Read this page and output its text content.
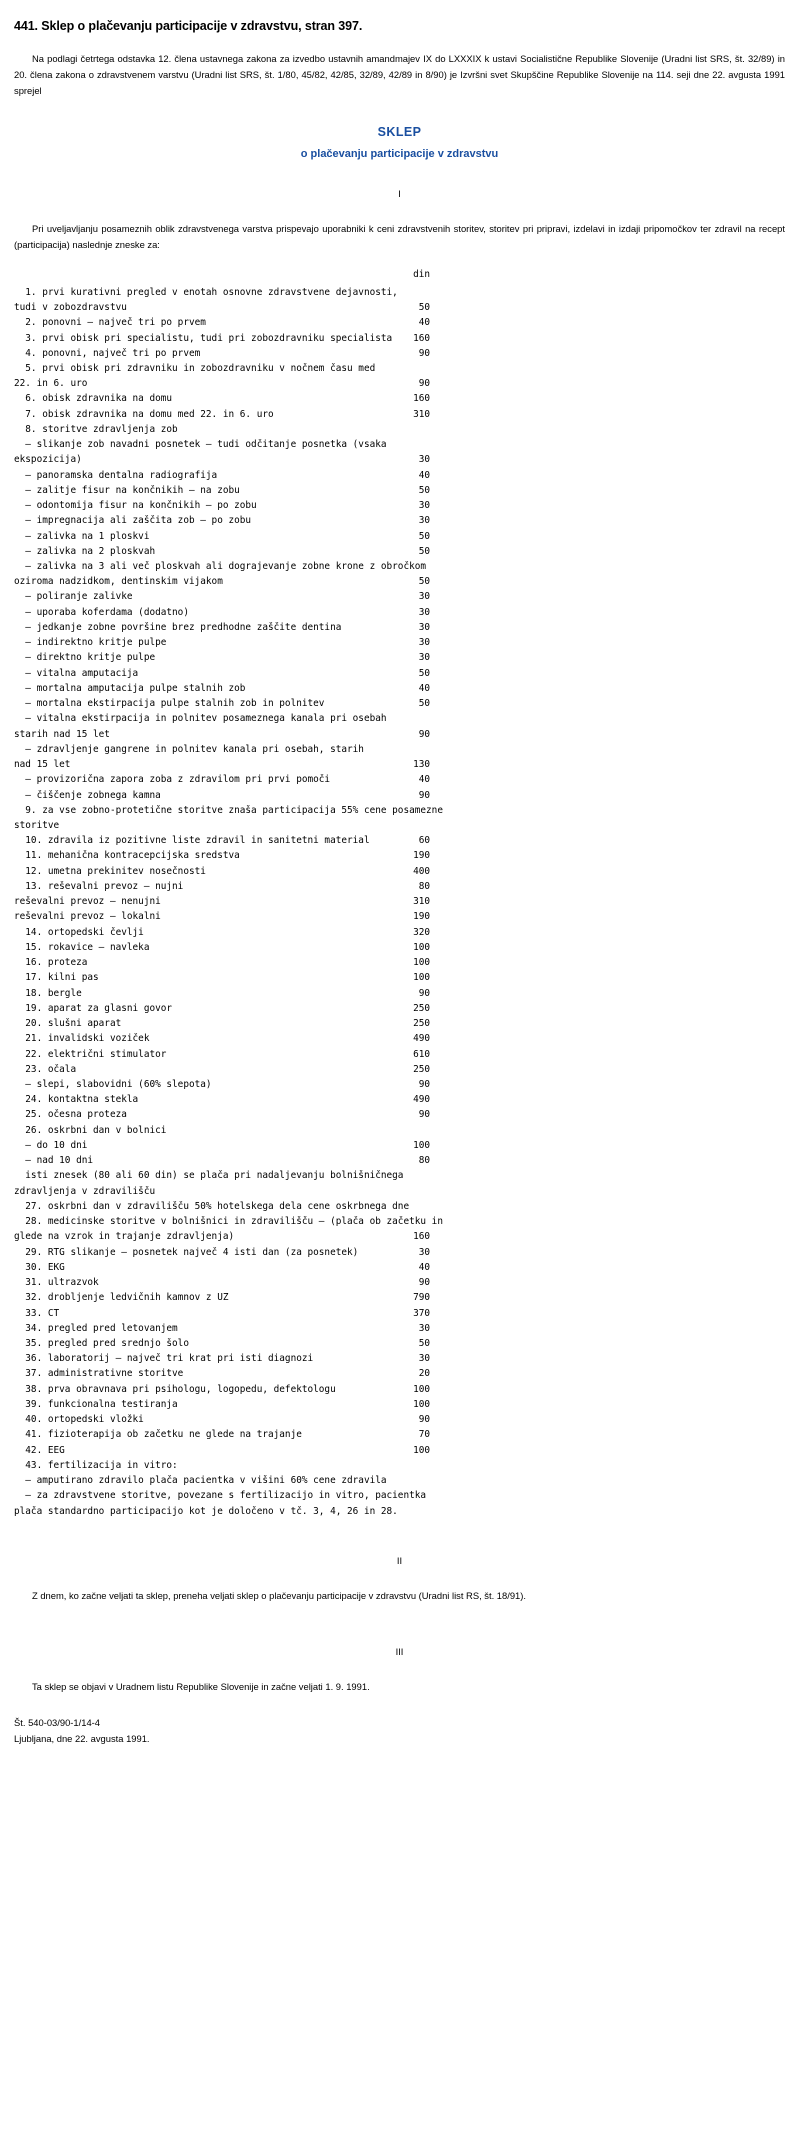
441. Sklep o plačevanju participacije v zdravstvu, stran 397.

Na podlagi četrtega odstavka 12. člena ustavnega zakona za izvedbo ustavnih amandmajev IX do LXXXIX k ustavi Socialistične Republike Slovenije (Uradni list SRS, št. 32/89) in 20. člena zakona o zdravstvenem varstvu (Uradni list SRS, št. 1/80, 45/82, 42/85, 32/89, 42/89 in 8/90) je Izvršni svet Skupščine Republike Slovenije na 114. seji dne 22. avgusta 1991 sprejel

SKLEP
o plačevanju participacije v zdravstvu
I

Pri uveljavljanju posameznih oblik zdravstvenega varstva prispevajo uporabniki k ceni zdravstvenih storitev, storitev pri pripravi, izdelavi in izdaji pripomočkov ter zdravil na recept (participacija) naslednje zneske za:

din
1. prvi kurativni pregled v enotah osnovne zdravstvene dejavnosti,
tudi v zobozdravstvu	50
2. ponovni — največ tri po prvem	40
3. prvi obisk pri specialistu, tudi pri zobozdravniku specialista	160
4. ponovni, največ tri po prvem	90
5. prvi obisk pri zdravniku in zobozdravniku v nočnem času med
22. in 6. uro	90
6. obisk zdravnika na domu	160
7. obisk zdravnika na domu med 22. in 6. uro	310
8. storitve zdravljenja zob
— slikanje zob navadni posnetek — tudi odčitanje posnetka (vsaka
ekspozicija)	30
— panoramska dentalna radiografija	40
— zalitje fisur na končnikih — na zobu	50
— odontomija fisur na končnikih — po zobu	30
— impregnacija ali zaščita zob — po zobu	30
— zalivka na 1 ploskvi	50
— zalivka na 2 ploskvah	50
— zalivka na 3 ali več ploskvah ali dograjevanje zobne krone z obročkom
oziroma nadzidkom, dentinskim vijakom	50
— poliranje zalivke	30
— uporaba koferdama (dodatno)	30
— jedkanje zobne površine brez predhodne zaščite dentina	30
— indirektno kritje pulpe	30
— direktno kritje pulpe	30
— vitalna amputacija	50
— mortalna amputacija pulpe stalnih zob	40
— mortalna ekstirpacija pulpe stalnih zob in polnitev	50
— vitalna ekstirpacija in polnitev posameznega kanala pri osebah
starih nad 15 let	90
— zdravljenje gangrene in polnitev kanala pri osebah, starih
nad 15 let	130
— provizorična zapora zoba z zdravilom pri prvi pomoči	40
— čiščenje zobnega kamna	90
9. za vse zobno-protetične storitve znaša participacija 55% cene posamezne
storitve
10. zdravila iz pozitivne liste zdravil in sanitetni material	60
11. mehanična kontracepcijska sredstva	190
12. umetna prekinitev nosečnosti	400
13. reševalni prevoz — nujni	80
reševalni prevoz — nenujni	310
reševalni prevoz — lokalni	190
14. ortopedski čevlji	320
15. rokavice — navleka	100
16. proteza	100
17. kilni pas	100
18. bergle	90
19. aparat za glasni govor	250
20. slušni aparat	250
21. invalidski voziček	490
22. električni stimulator	610
23. očala	250
— slepi, slabovidni (60% slepota)	90
24. kontaktna stekla	490
25. očesna proteza	90
26. oskrbni dan v bolnici
— do 10 dni	100
— nad 10 dni	80
isti znesek (80 ali 60 din) se plača pri nadaljevanju bolnišničnega
zdravljenja v zdravilišču
27. oskrbni dan v zdravilišču 50% hotelskega dela cene oskrbnega dne
28. medicinske storitve v bolnišnici in zdravilišču — (plača ob začetku in
glede na vzrok in trajanje zdravljenja)	160
29. RTG slikanje — posnetek največ 4 isti dan (za posnetek)	30
30. EKG	40
31. ultrazvok	90
32. drobljenje ledvičnih kamnov z UZ	790
33. CT	370
34. pregled pred letovanjem	30
35. pregled pred srednjo šolo	50
36. laboratorij — največ tri krat pri isti diagnozi	30
37. administrativne storitve	20
38. prva obravnava pri psihologu, logopedu, defektologu	100
39. funkcionalna testiranja	100
40. ortopedski vložki	90
41. fizioterapija ob začetku ne glede na trajanje	70
42. EEG	100
43. fertilizacija in vitro:
— amputirano zdravilo plača pacientka v višini 60% cene zdravila
— za zdravstvene storitve, povezane s fertilizacijo in vitro, pacientka
plača standardno participacijo kot je določeno v tč. 3, 4, 26 in 28.
II

Z dnem, ko začne veljati ta sklep, preneha veljati sklep o plačevanju participacije v zdravstvu (Uradni list RS, št. 18/91).

III

Ta sklep se objavi v Uradnem listu Republike Slovenije in začne veljati 1. 9. 1991.

Št. 540-03/90-1/14-4
Ljubljana, dne 22. avgusta 1991.
